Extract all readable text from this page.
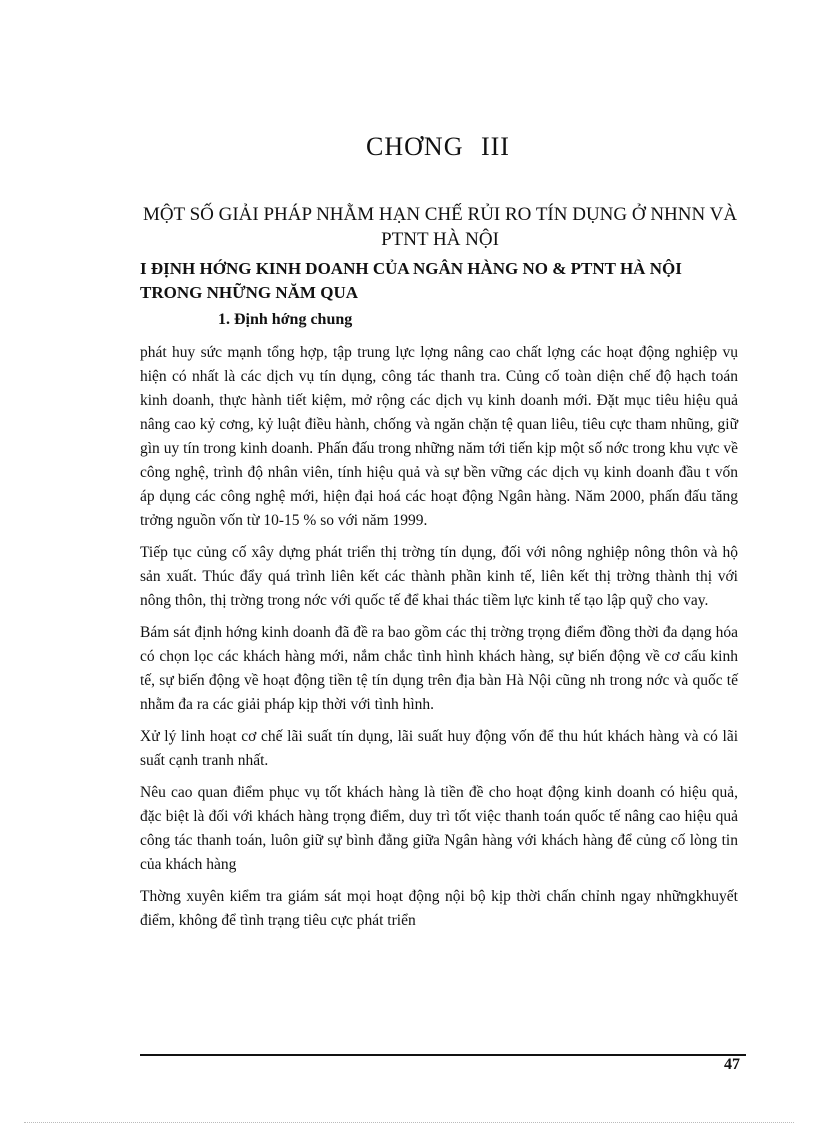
CHƠNG III
MỘT SỐ GIẢI PHÁP NHẰM HẠN CHẾ RỦI RO TÍN DỤNG Ở NHNN VÀ PTNT HÀ NỘI
I ĐỊNH HỚNG KINH DOANH CỦA NGÂN HÀNG NO & PTNT HÀ NỘI TRONG NHỮNG NĂM QUA
1. Định hớng chung

phát huy sức mạnh tổng hợp, tập trung lực lợng nâng cao chất lợng các hoạt động nghiệp vụ hiện có nhất là các dịch vụ tín dụng, công tác thanh tra. Củng cố toàn diện chế độ hạch toán kinh doanh, thực hành tiết kiệm, mở rộng các dịch vụ kinh doanh mới. Đặt mục tiêu hiệu quả nâng cao kỷ cơng, kỷ luật điều hành, chống và ngăn chặn tệ quan liêu, tiêu cực tham nhũng, giữ gìn uy tín trong kinh doanh. Phấn đấu trong những năm tới tiến kịp một số nớc trong khu vực về công nghệ, trình độ nhân viên, tính hiệu quả và sự bền vững các dịch vụ kinh doanh đầu t vốn áp dụng các công nghệ mới, hiện đại hoá các hoạt động Ngân hàng. Năm 2000, phấn đấu tăng trởng nguồn vốn từ 10-15 % so với năm 1999.

Tiếp tục củng cố xây dựng phát triển thị trờng tín dụng, đối với nông nghiệp nông thôn và hộ sản xuất. Thúc đẩy quá trình liên kết các thành phần kinh tế, liên kết thị trờng thành thị với nông thôn, thị trờng trong nớc với quốc tế để khai thác tiềm lực kinh tế tạo lập quỹ cho vay.

Bám sát định hớng kinh doanh đã đề ra bao gồm các thị trờng trọng điểm đồng thời đa dạng hóa có chọn lọc các khách hàng mới, nắm chắc tình hình khách hàng, sự biến động về cơ cấu kinh tế, sự biến động về hoạt động tiền tệ tín dụng trên địa bàn Hà Nội cũng nh trong nớc và quốc tế nhằm đa ra các giải pháp kịp thời với tình hình.

Xử lý linh hoạt cơ chế lãi suất tín dụng, lãi suất huy động vốn để thu hút khách hàng và có lãi suất cạnh tranh nhất.

Nêu cao quan điểm phục vụ tốt khách hàng là tiền đề cho hoạt động kinh doanh có hiệu quả, đặc biệt là đối với khách hàng trọng điểm, duy trì tốt việc thanh toán quốc tế nâng cao hiệu quả công tác thanh toán, luôn giữ sự bình đẳng giữa Ngân hàng với khách hàng để củng cố lòng tin của khách hàng

Thờng xuyên kiểm tra giám sát mọi hoạt động nội bộ kịp thời chấn chỉnh ngay nhữngkhuyết điểm, không để tình trạng tiêu cực phát triển

47
